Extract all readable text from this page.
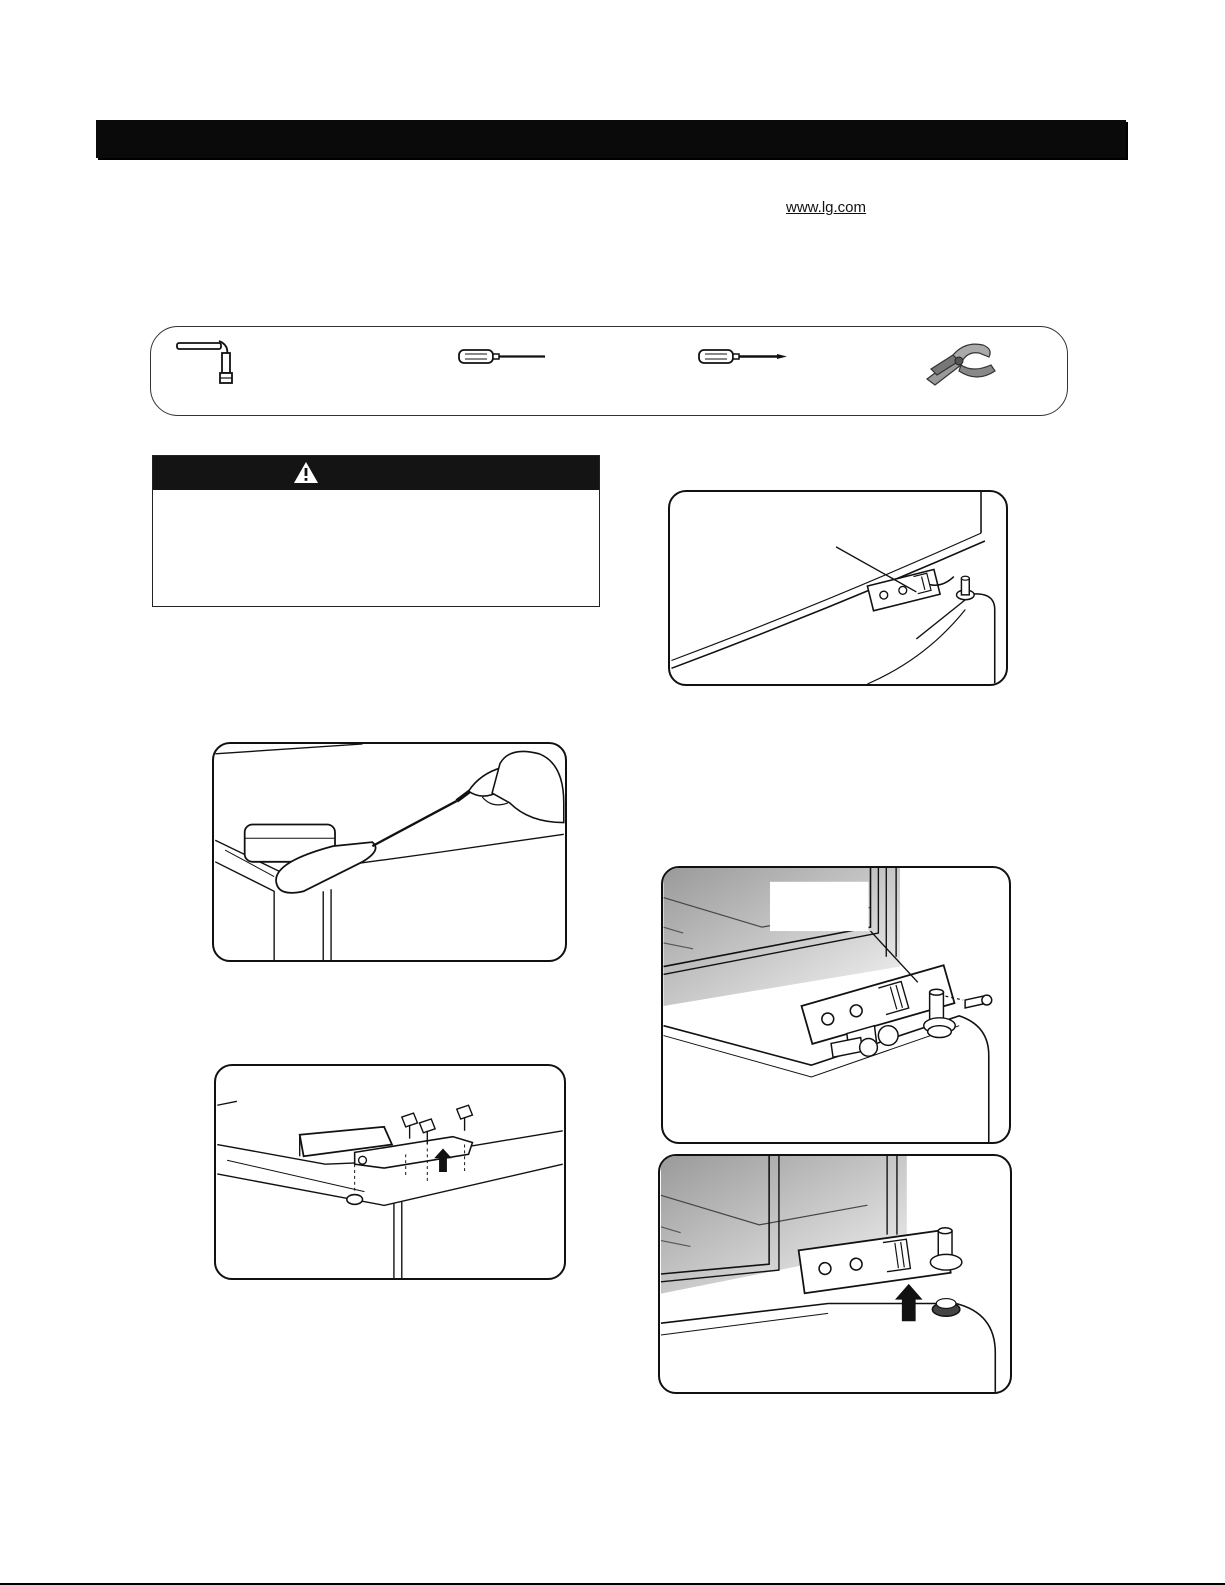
www.lg.com
